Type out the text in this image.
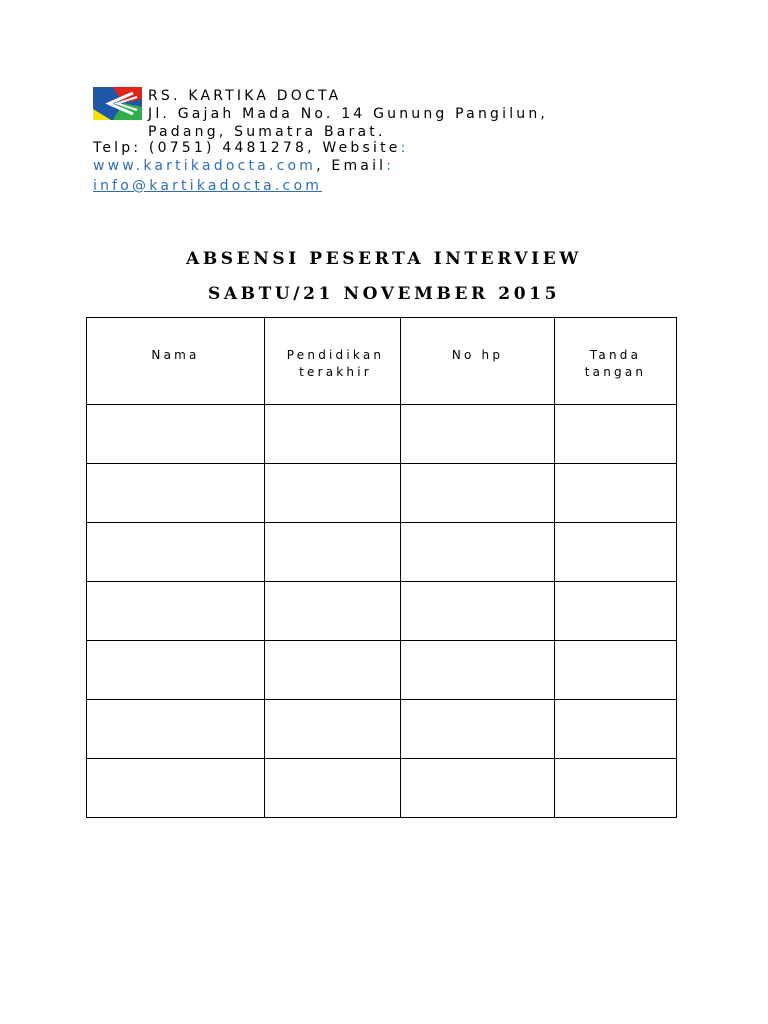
RS. KARTIKA DOCTA
Jl. Gajah Mada No. 14 Gunung Pangilun,
Padang, Sumatra Barat.
Telp: (0751) 4481278, Website:
www.kartikadocta.com, Email:
info@kartikadocta.com
ABSENSI PESERTA INTERVIEW
SABTU/21 NOVEMBER 2015
Nama	Pendidikan terakhir	No hp	Tanda tangan
